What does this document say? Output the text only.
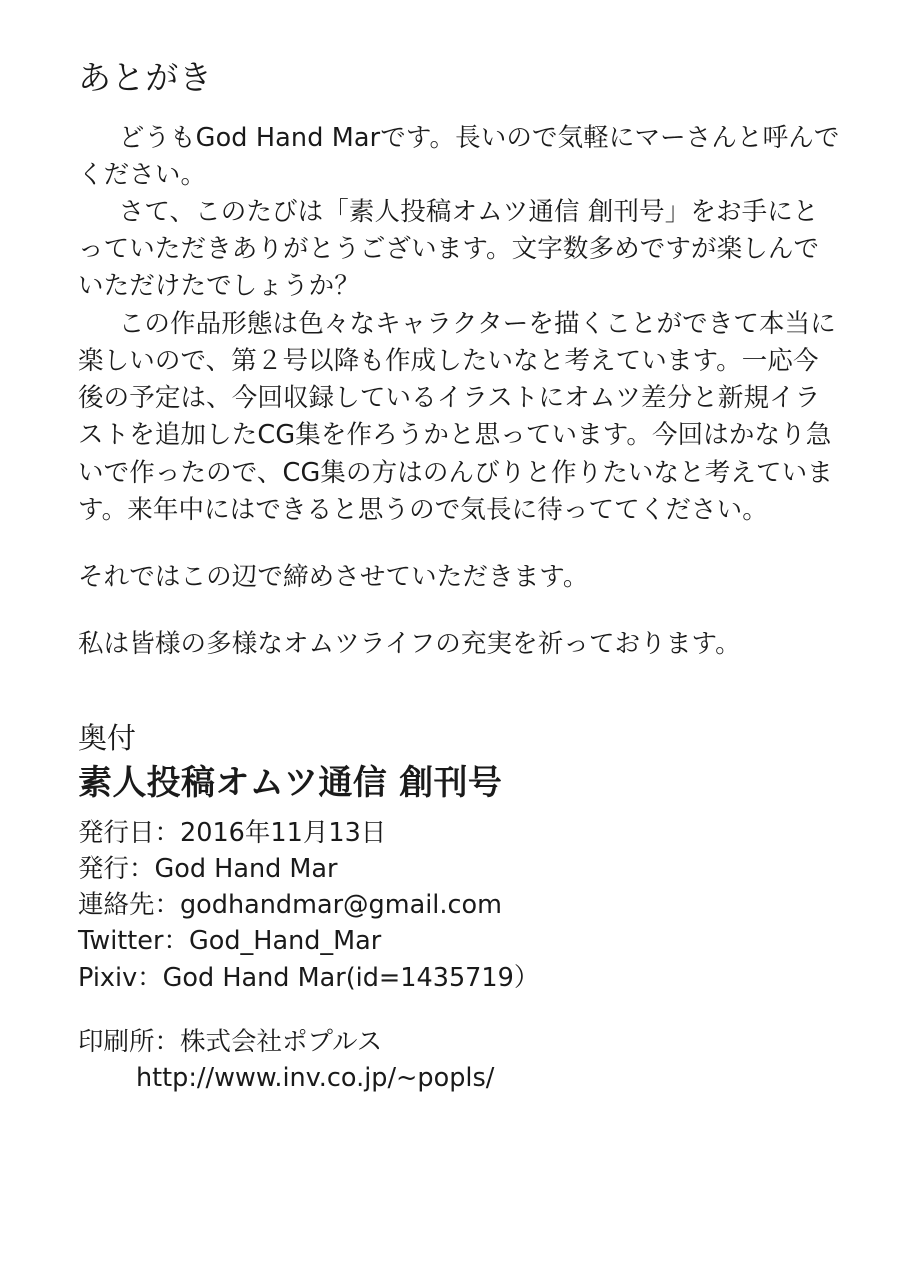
あとがき

どうもGod Hand Marです。長いので気軽にマーさんと呼んでください。

さて、このたびは「素人投稿オムツ通信 創刊号」をお手にとっていただきありがとうございます。文字数多めですが楽しんでいただけたでしょうか？

この作品形態は色々なキャラクターを描くことができて本当に楽しいので、第２号以降も作成したいなと考えています。一応今後の予定は、今回収録しているイラストにオムツ差分と新規イラストを追加したCG集を作ろうかと思っています。今回はかなり急いで作ったので、CG集の方はのんびりと作りたいなと考えています。来年中にはできると思うので気長に待っててください。

それではこの辺で締めさせていただきます。

私は皆様の多様なオムツライフの充実を祈っております。

奥付
素人投稿オムツ通信 創刊号
発行日：2016年11月13日
発行：God Hand Mar
連絡先：godhandmar@gmail.com
Twitter：God_Hand_Mar
Pixiv：God Hand Mar(id=1435719）
印刷所：株式会社ポプルス
http://www.inv.co.jp/~popls/
